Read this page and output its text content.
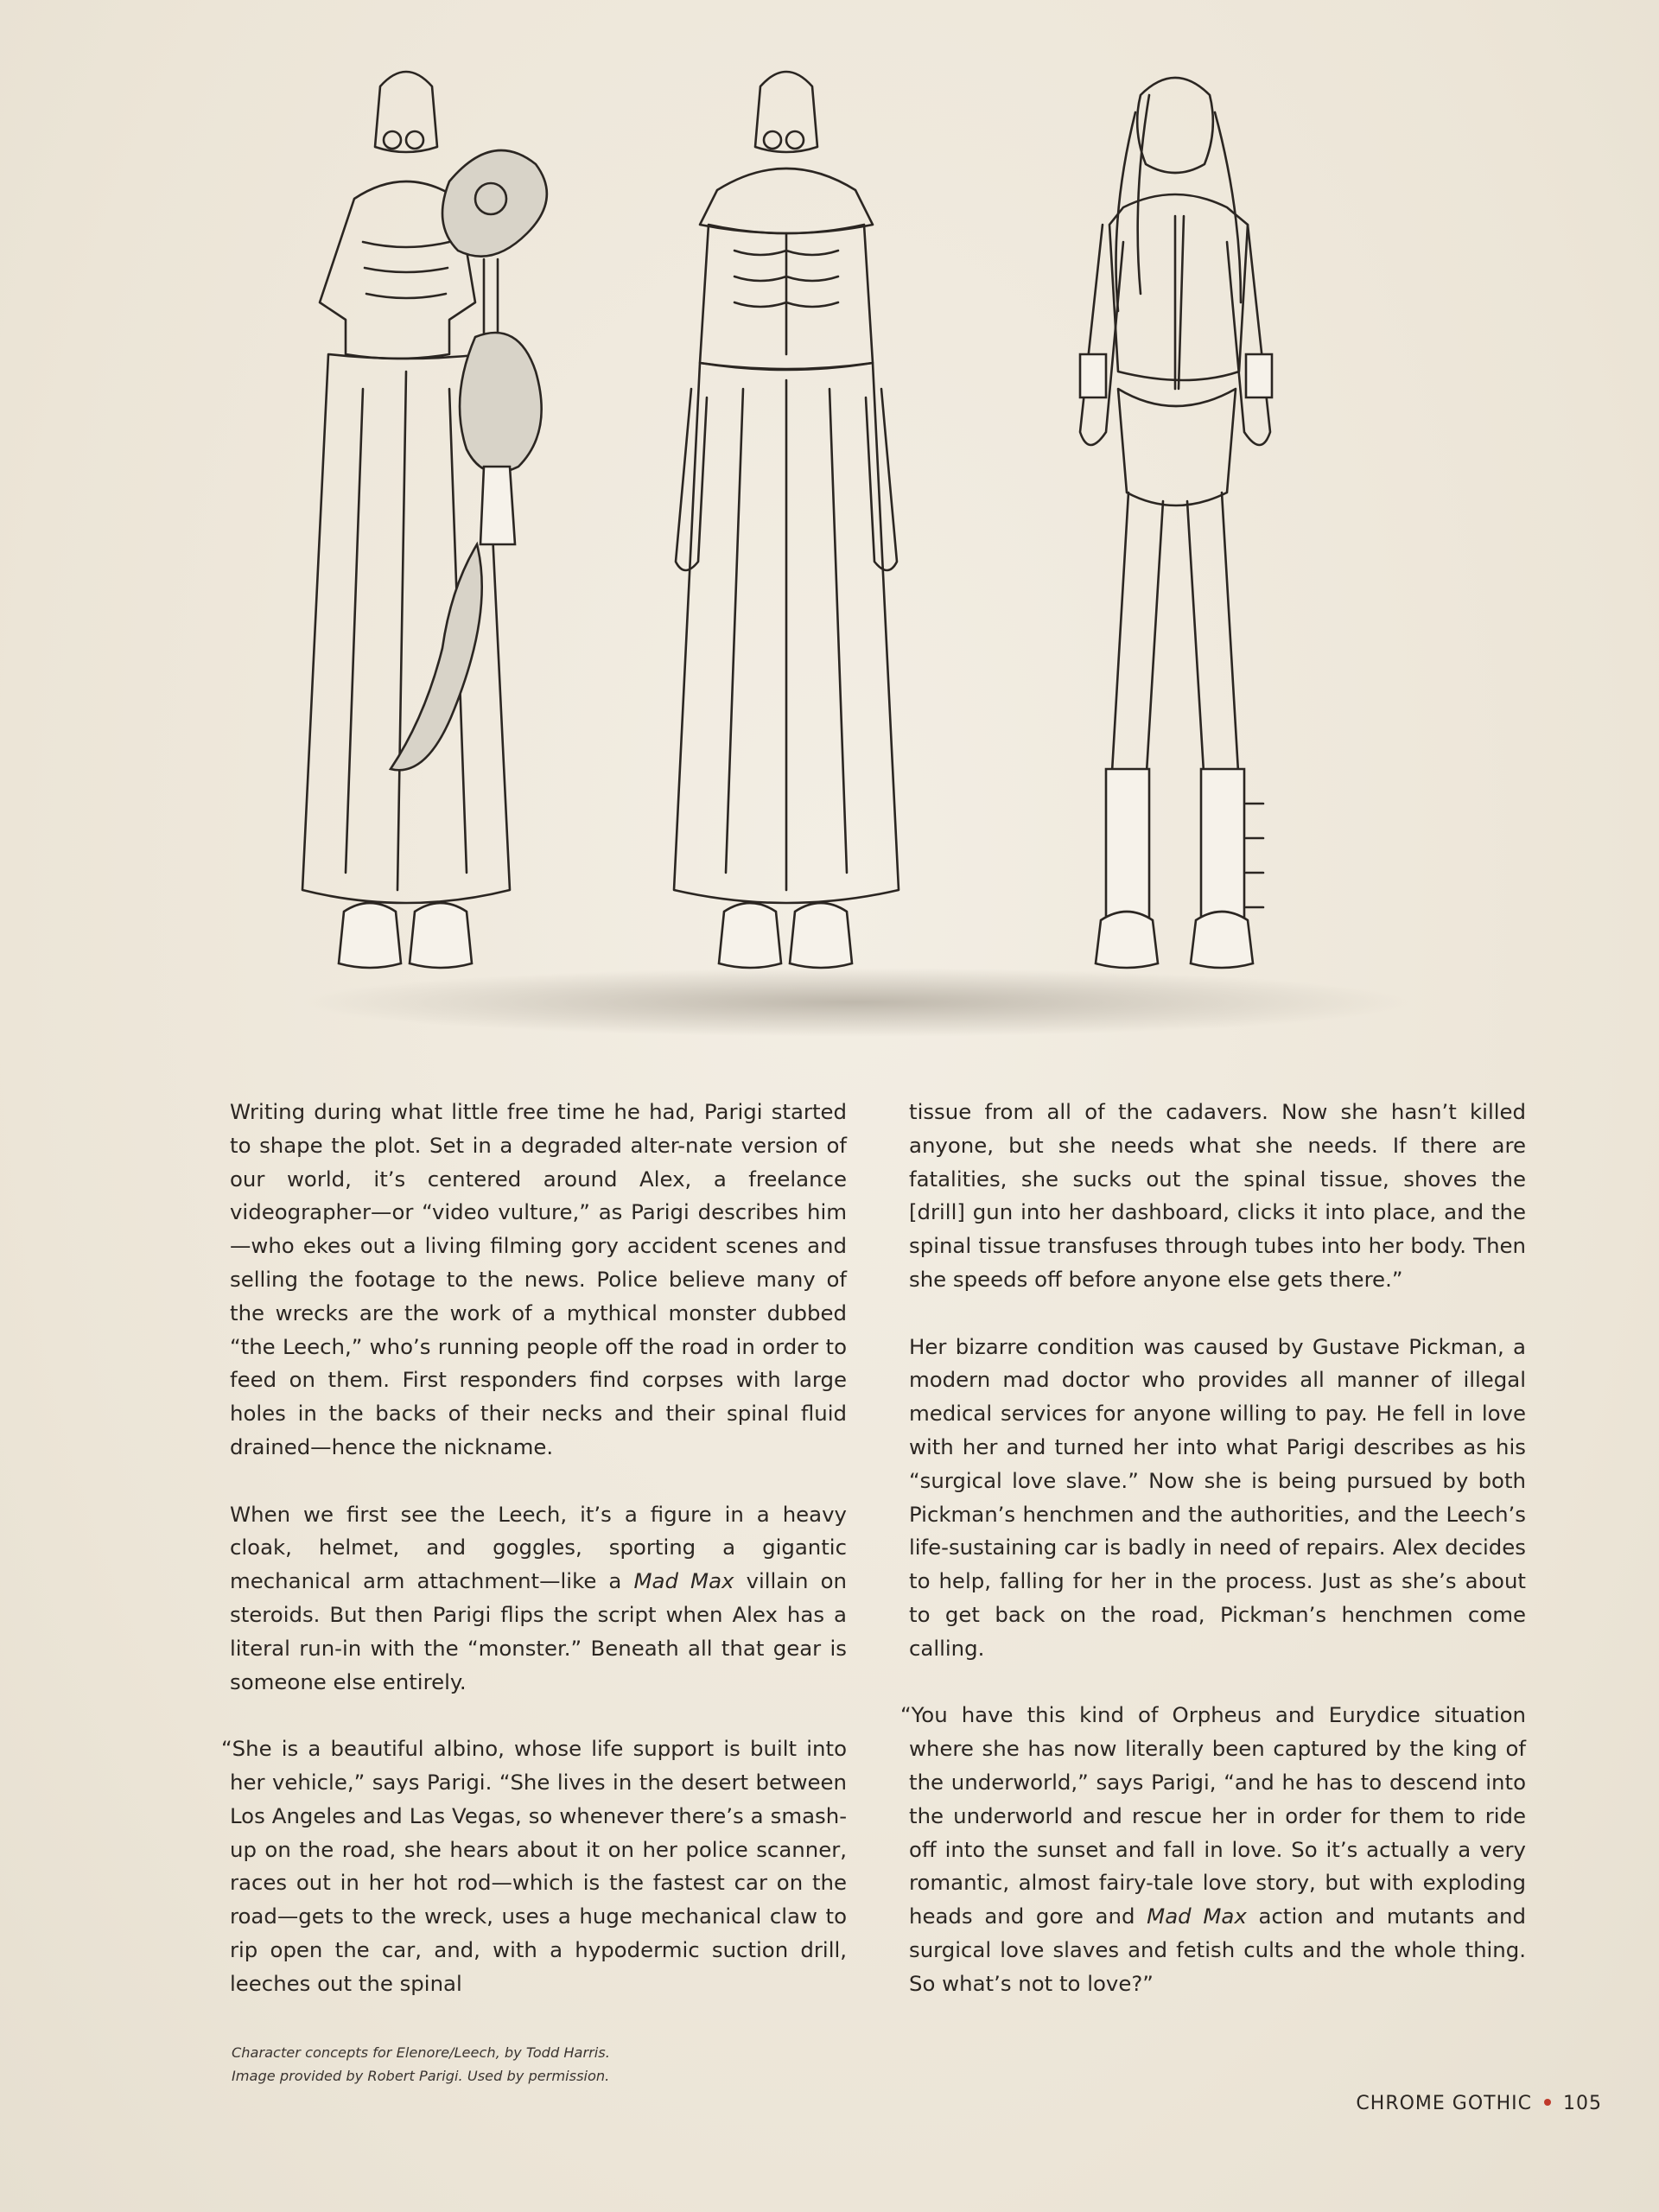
Writing during what little free time he had, Parigi started to shape the plot. Set in a degraded alter-nate version of our world, it’s centered around Alex, a freelance videographer—or “video vulture,” as Parigi describes him—who ekes out a living filming gory accident scenes and selling the footage to the news. Police believe many of the wrecks are the work of a mythical monster dubbed “the Leech,” who’s running people off the road in order to feed on them. First responders find corpses with large holes in the backs of their necks and their spinal fluid drained—hence the nickname.

When we first see the Leech, it’s a figure in a heavy cloak, helmet, and goggles, sporting a gigantic mechanical arm attachment—like a Mad Max villain on steroids. But then Parigi flips the script when Alex has a literal run-in with the “monster.” Beneath all that gear is someone else entirely.

“She is a beautiful albino, whose life support is built into her vehicle,” says Parigi. “She lives in the desert between Los Angeles and Las Vegas, so whenever there’s a smash-up on the road, she hears about it on her police scanner, races out in her hot rod—which is the fastest car on the road—gets to the wreck, uses a huge mechanical claw to rip open the car, and, with a hypodermic suction drill, leeches out the spinal

tissue from all of the cadavers. Now she hasn’t killed anyone, but she needs what she needs. If there are fatalities, she sucks out the spinal tissue, shoves the [drill] gun into her dashboard, clicks it into place, and the spinal tissue transfuses through tubes into her body. Then she speeds off before anyone else gets there.”

Her bizarre condition was caused by Gustave Pickman, a modern mad doctor who provides all manner of illegal medical services for anyone willing to pay. He fell in love with her and turned her into what Parigi describes as his “surgical love slave.” Now she is being pursued by both Pickman’s henchmen and the authorities, and the Leech’s life-sustaining car is badly in need of repairs. Alex decides to help, falling for her in the process. Just as she’s about to get back on the road, Pickman’s henchmen come calling.

“You have this kind of Orpheus and Eurydice situation where she has now literally been captured by the king of the underworld,” says Parigi, “and he has to descend into the underworld and rescue her in order for them to ride off into the sunset and fall in love. So it’s actually a very romantic, almost fairy-tale love story, but with exploding heads and gore and Mad Max action and mutants and surgical love slaves and fetish cults and the whole thing. So what’s not to love?”

Character concepts for Elenore/Leech, by Todd Harris.
Image provided by Robert Parigi. Used by permission.
CHROME GOTHIC 105
